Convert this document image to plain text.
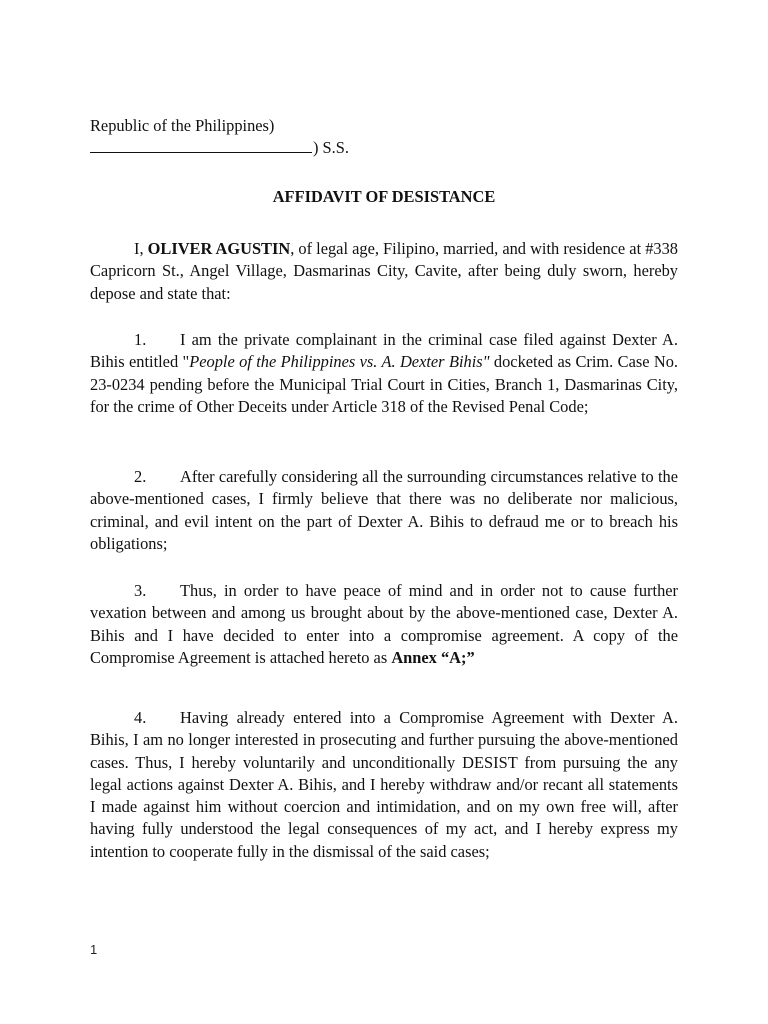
Republic of the Philippines)
) S.S.
AFFIDAVIT OF DESISTANCE
I, OLIVER AGUSTIN, of legal age, Filipino, married, and with residence at #338 Capricorn St., Angel Village, Dasmarinas City, Cavite, after being duly sworn, hereby depose and state that:
1. I am the private complainant in the criminal case filed against Dexter A. Bihis entitled "People of the Philippines vs. A. Dexter Bihis" docketed as Crim. Case No. 23-0234 pending before the Municipal Trial Court in Cities, Branch 1, Dasmarinas City, for the crime of Other Deceits under Article 318 of the Revised Penal Code;
2. After carefully considering all the surrounding circumstances relative to the above-mentioned cases, I firmly believe that there was no deliberate nor malicious, criminal, and evil intent on the part of Dexter A. Bihis to defraud me or to breach his obligations;
3. Thus, in order to have peace of mind and in order not to cause further vexation between and among us brought about by the above-mentioned case, Dexter A. Bihis and I have decided to enter into a compromise agreement. A copy of the Compromise Agreement is attached hereto as Annex “A;”
4. Having already entered into a Compromise Agreement with Dexter A. Bihis, I am no longer interested in prosecuting and further pursuing the above-mentioned cases. Thus, I hereby voluntarily and unconditionally DESIST from pursuing the any legal actions against Dexter A. Bihis, and I hereby withdraw and/or recant all statements I made against him without coercion and intimidation, and on my own free will, after having fully understood the legal consequences of my act, and I hereby express my intention to cooperate fully in the dismissal of the said cases;
1
